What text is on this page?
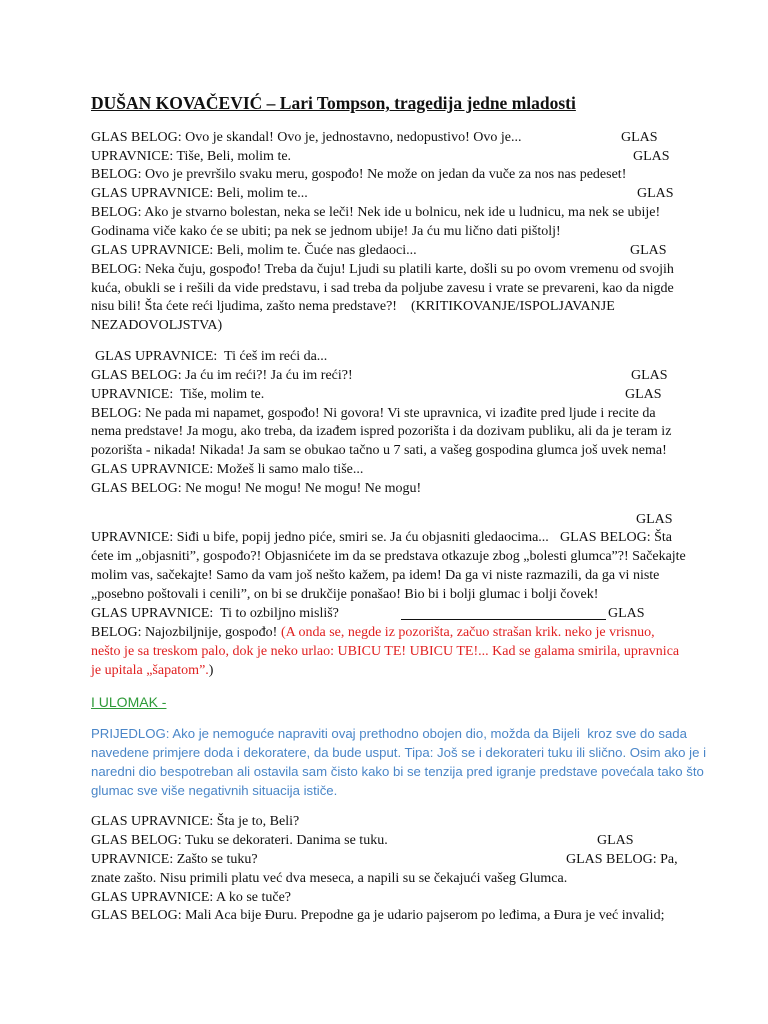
DUŠAN KOVAČEVIĆ – Lari Tompson, tragedija jedne mladosti
GLAS BELOG: Ovo je skandal! Ovo je, jednostavno, nedopustivo! Ovo je...	GLAS
UPRAVNICE: Tiše, Beli, molim te.	GLAS
BELOG: Ovo je prevršilo svaku meru, gospođo! Ne može on jedan da vuče za nos nas pedeset!
GLAS UPRAVNICE: Beli, molim te...	GLAS
BELOG: Ako je stvarno bolestan, neka se leči! Nek ide u bolnicu, nek ide u ludnicu, ma nek se ubije!
Godinama viče kako će se ubiti; pa nek se jednom ubije! Ja ću mu lično dati pištolj!
GLAS UPRAVNICE: Beli, molim te. Čuće nas gledaoci...	GLAS
BELOG: Neka čuju, gospođo! Treba da čuju! Ljudi su platili karte, došli su po ovom vremenu od svojih
kuća, obukli se i rešili da vide predstavu, i sad treba da poljube zavesu i vrate se prevareni, kao da nigde
nisu bili! Šta ćete reći ljudima, zašto nema predstave?!    (KRITIKOVANJE/ISPOLJAVANJE
NEZADOVOLJSTVA)
GLAS UPRAVNICE:  Ti ćeš im reći da...
GLAS BELOG: Ja ću im reći?! Ja ću im reći?!	GLAS
UPRAVNICE:  Tiše, molim te.	GLAS
BELOG: Ne pada mi napamet, gospođo! Ni govora! Vi ste upravnica, vi izađite pred ljude i recite da
nema predstave! Ja mogu, ako treba, da izađem ispred pozorišta i da dozivam publiku, ali da je teram iz
pozorišta - nikada! Nikada! Ja sam se obukao tačno u 7 sati, a vašeg gospodina glumca još uvek nema!
GLAS UPRAVNICE: Možeš li samo malo tiše...
GLAS BELOG: Ne mogu! Ne mogu! Ne mogu! Ne mogu!
GLAS
UPRAVNICE: Siđi u bife, popij jedno piće, smiri se. Ja ću objasniti gledaocima... GLAS BELOG: Šta
ćete im „objasniti”, gospođo?! Objasnićete im da se predstava otkazuje zbog „bolesti glumca”?! Sačekajte
molim vas, sačekajte! Samo da vam još nešto kažem, pa idem! Da ga vi niste razmazili, da ga vi niste
„posebno poštovali i cenili”, on bi se drukčije ponašao! Bio bi i bolji glumac i bolji čovek!
GLAS UPRAVNICE:  Ti to ozbiljno misliš?	GLAS
BELOG: Najozbiljnije, gospođo! (A onda se, negde iz pozorišta, začuo strašan krik. neko je vrisnuo,
nešto je sa treskom palo, dok je neko urlao: UBICU TE! UBICU TE!... Kad se galama smirila, upravnica
je upitala „šapatom”.)
I ULOMAK -
PRIJEDLOG: Ako je nemoguće napraviti ovaj prethodno obojen dio, možda da Bijeli  kroz sve do sada
navedene primjere doda i dekoratere, da bude usput. Tipa: Još se i dekorateri tuku ili slično. Osim ako je i
naredni dio bespotreban ali ostavila sam čisto kako bi se tenzija pred igranje predstave povećala tako što
glumac sve više negativnih situacija ističe.
GLAS UPRAVNICE: Šta je to, Beli?
GLAS BELOG: Tuku se dekorateri. Danima se tuku.	GLAS
UPRAVNICE: Zašto se tuku?	GLAS BELOG: Pa,
znate zašto. Nisu primili platu već dva meseca, a napili su se čekajući vašeg Glumca.
GLAS UPRAVNICE: A ko se tuče?
GLAS BELOG: Mali Aca bije Đuru. Prepodne ga je udario pajserom po leđima, a Đura je već invalid;
